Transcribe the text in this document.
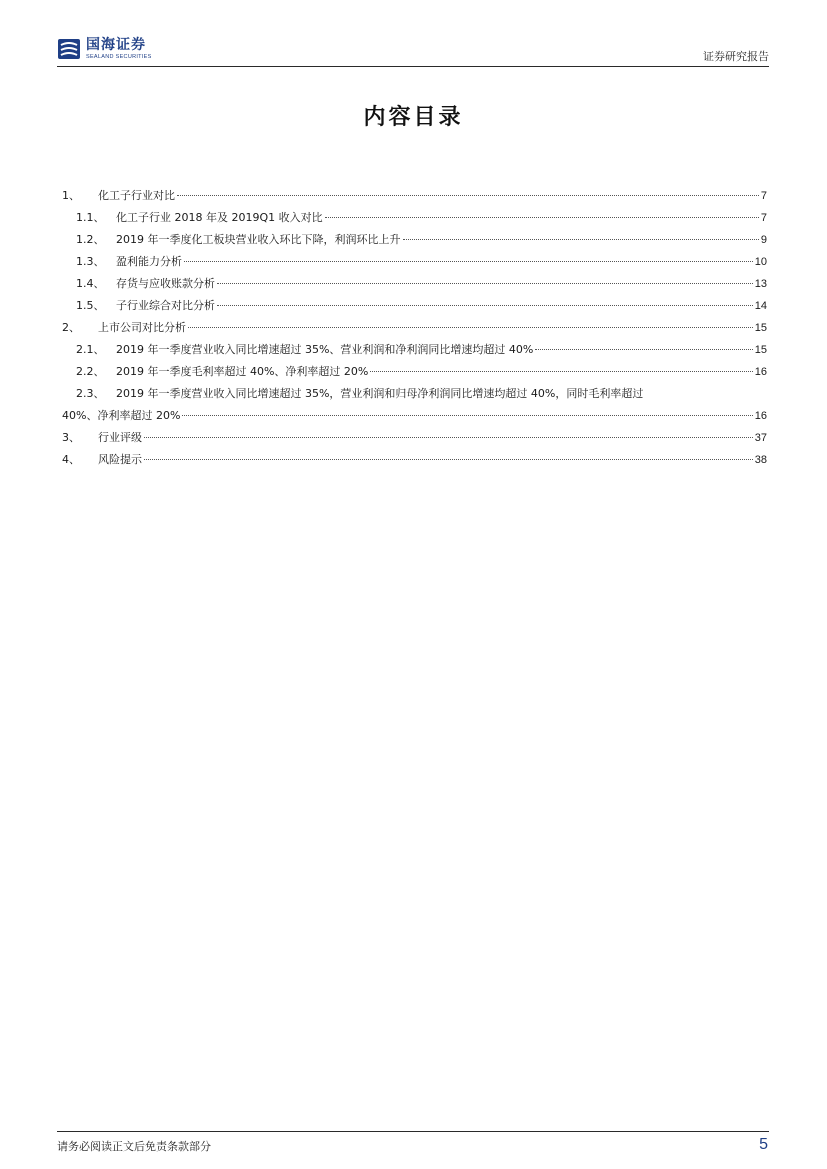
国海证券
SEALAND SECURITIES	证券研究报告
内容目录
1、	化工子行业对比	7
1.1、	化工子行业 2018 年及 2019Q1 收入对比	7
1.2、	2019 年一季度化工板块营业收入环比下降，利润环比上升	9
1.3、	盈利能力分析	10
1.4、	存货与应收账款分析	13
1.5、	子行业综合对比分析	14
2、	上市公司对比分析	15
2.1、	2019 年一季度营业收入同比增速超过 35%、营业利润和净利润同比增速均超过 40%	15
2.2、	2019 年一季度毛利率超过 40%、净利率超过 20%	16
2.3、 2019 年一季度营业收入同比增速超过 35%，营业利润和归母净利润同比增速均超过 40%，同时毛利率超过
40%、净利率超过 20%	16
3、	行业评级	37
4、	风险提示	38
请务必阅读正文后免责条款部分	5
